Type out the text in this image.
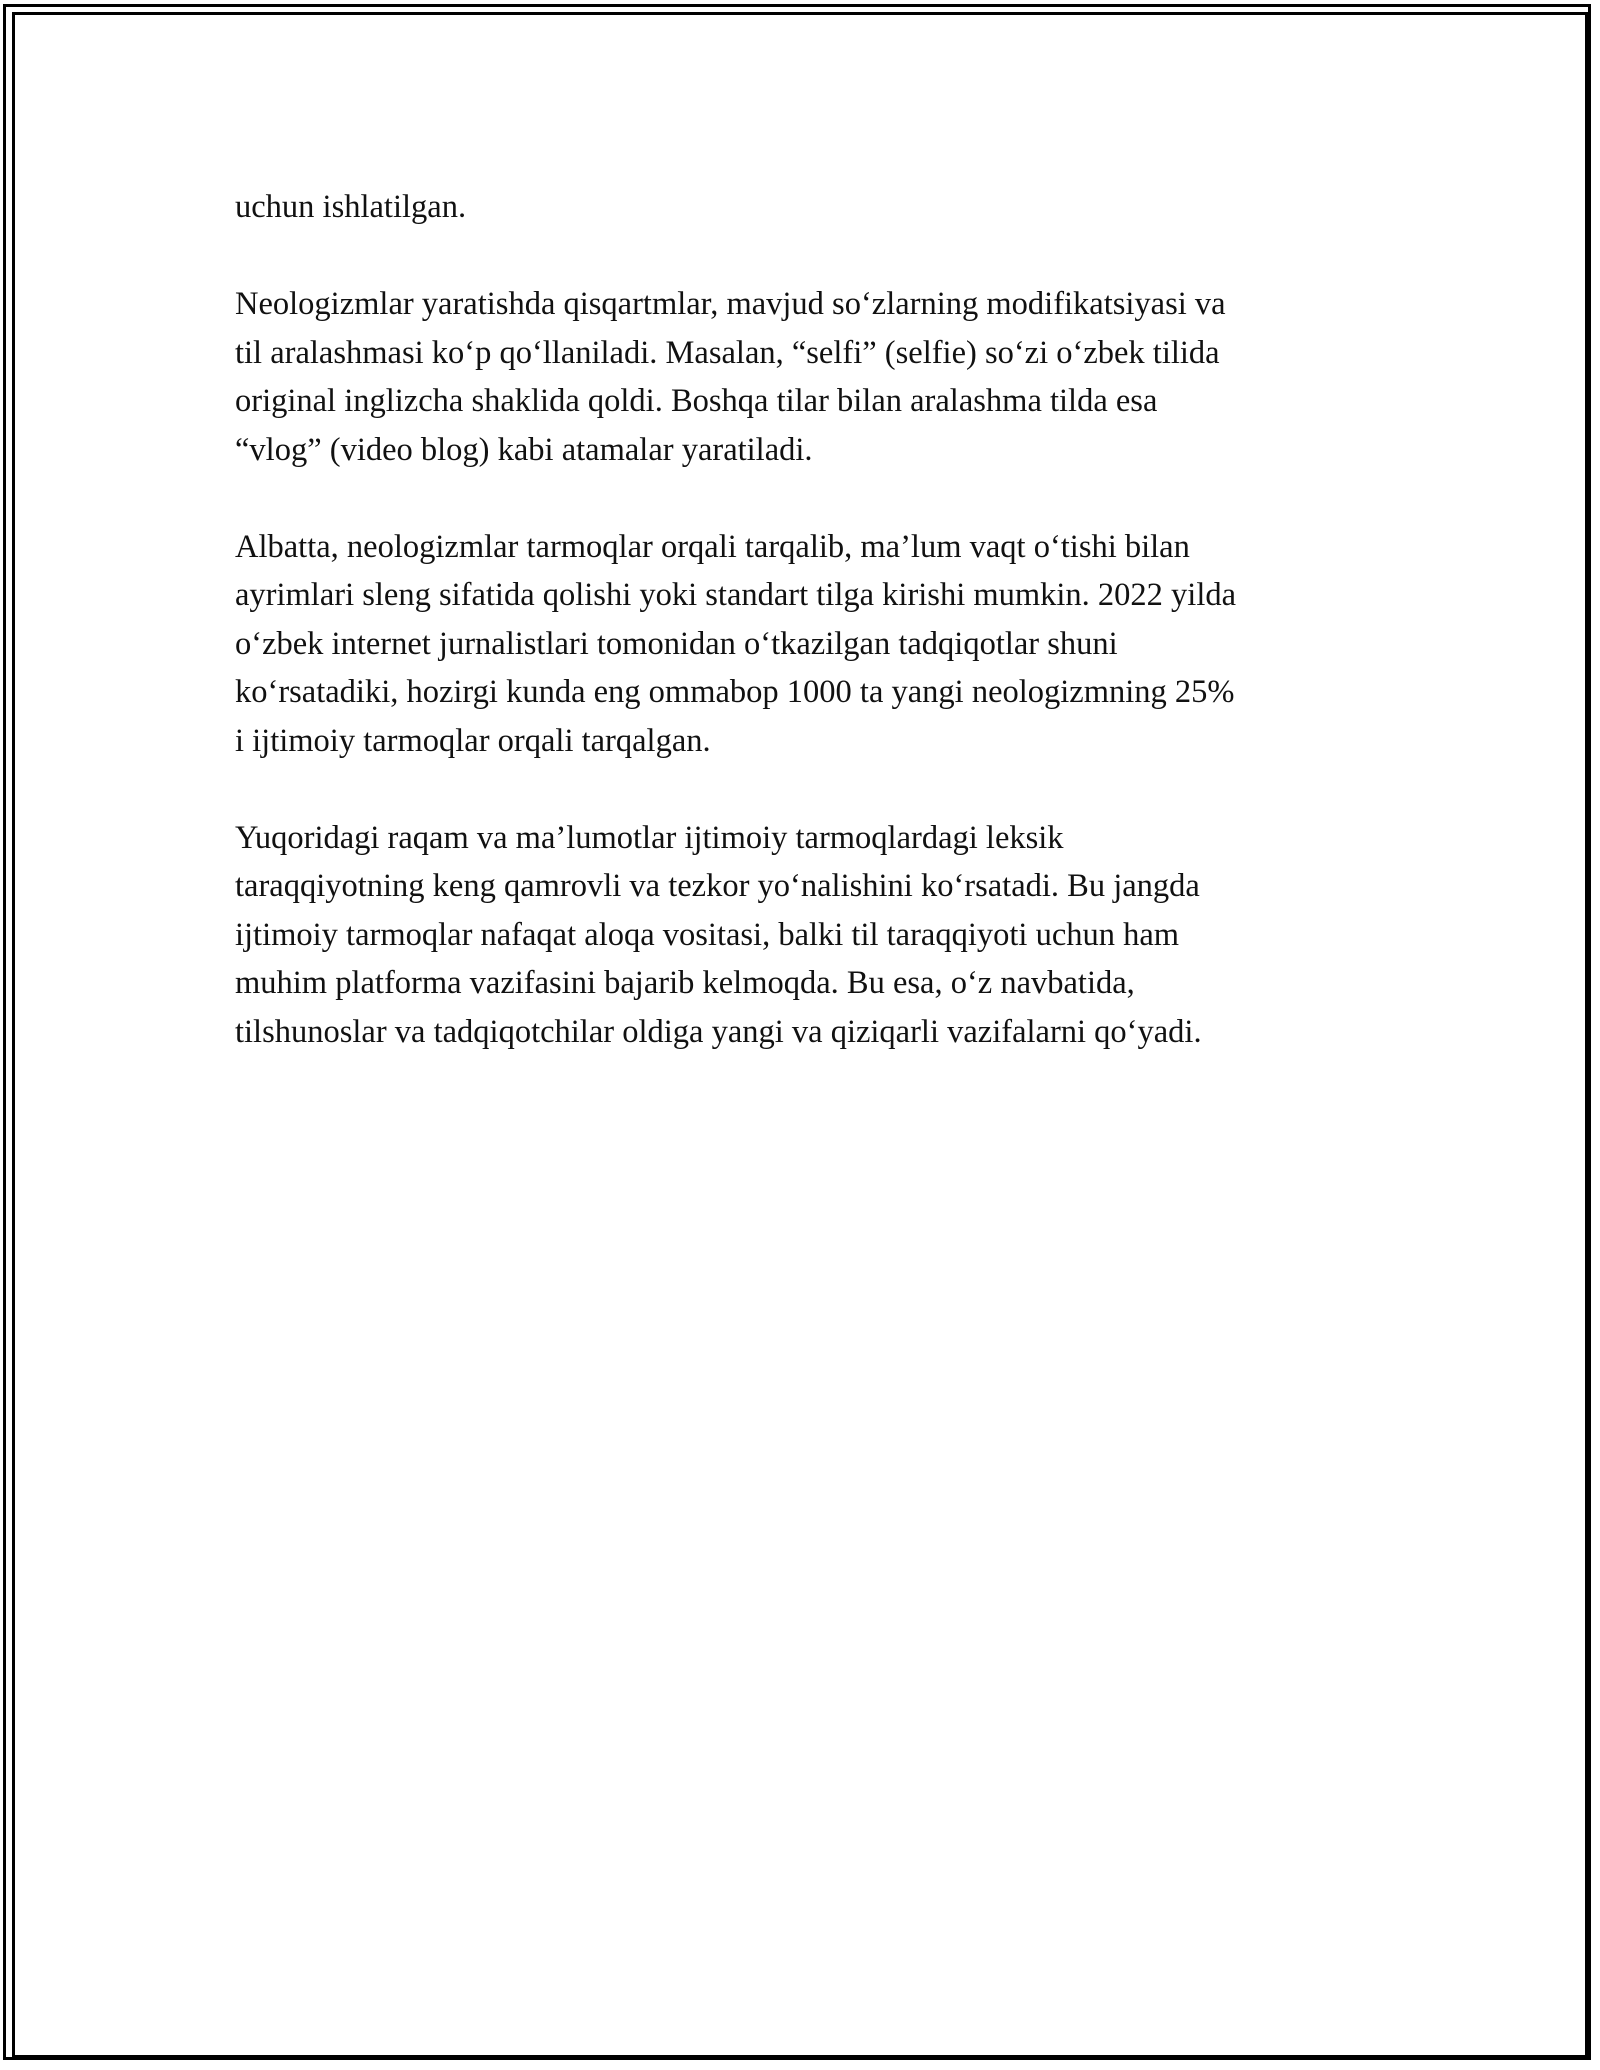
uchun ishlatilgan.

Neologizmlar yaratishda qisqartmlar, mavjud so‘zlarning modifikatsiyasi va
til aralashmasi ko‘p qo‘llaniladi. Masalan, “selfi” (selfie) so‘zi o‘zbek tilida
original inglizcha shaklida qoldi. Boshqa tilar bilan aralashma tilda esa
“vlog” (video blog) kabi atamalar yaratiladi.

Albatta, neologizmlar tarmoqlar orqali tarqalib, ma’lum vaqt o‘tishi bilan
ayrimlari sleng sifatida qolishi yoki standart tilga kirishi mumkin. 2022 yilda
o‘zbek internet jurnalistlari tomonidan o‘tkazilgan tadqiqotlar shuni
ko‘rsatadiki, hozirgi kunda eng ommabop 1000 ta yangi neologizmning 25%
i ijtimoiy tarmoqlar orqali tarqalgan.

Yuqoridagi raqam va ma’lumotlar ijtimoiy tarmoqlardagi leksik
taraqqiyotning keng qamrovli va tezkor yo‘nalishini ko‘rsatadi. Bu jangda
ijtimoiy tarmoqlar nafaqat aloqa vositasi, balki til taraqqiyoti uchun ham
muhim platforma vazifasini bajarib kelmoqda. Bu esa, o‘z navbatida,
tilshunoslar va tadqiqotchilar oldiga yangi va qiziqarli vazifalarni qo‘yadi.
